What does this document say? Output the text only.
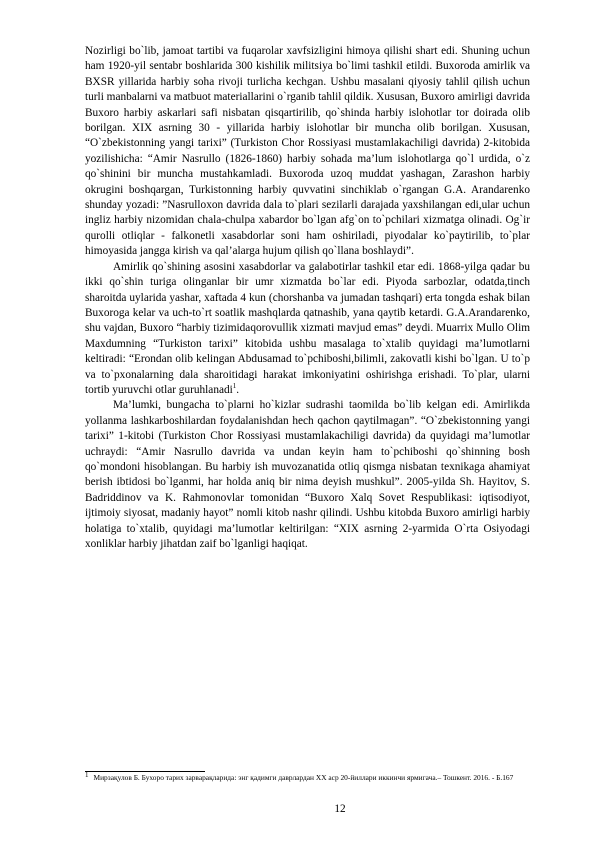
Nozirligi bo`lib, jamoat tartibi va fuqarolar xavfsizligini himoya qilishi shart edi. Shuning uchun ham 1920-yil sentabr boshlarida 300 kishilik militsiya bo`limi tashkil etildi. Buxoroda amirlik va BXSR yillarida harbiy soha rivoji turlicha kechgan. Ushbu masalani qiyosiy tahlil qilish uchun turli manbalarni va matbuot materiallarini o`rganib tahlil qildik. Xususan, Buxoro amirligi davrida Buxoro harbiy askarlari safi nisbatan qisqartirilib, qo`shinda harbiy islohotlar tor doirada olib borilgan. XIX asrning 30 - yillarida harbiy islohotlar bir muncha olib borilgan. Xususan, “O`zbekistonning yangi tarixi” (Turkiston Chor Rossiyasi mustamlakachiligi davrida) 2-kitobida yozilishicha: “Amir Nasrullo (1826-1860) harbiy sohada ma’lum islohotlarga qo`l urdida, o`z qo`shinini bir muncha mustahkamladi. Buxoroda uzoq muddat yashagan, Zarashon harbiy okrugini boshqargan, Turkistonning harbiy quvvatini sinchiklab o`rgangan G.A. Arandarenko shunday yozadi: ”Nasrulloxon davrida dala to`plari sezilarli darajada yaxshilangan edi,ular uchun ingliz harbiy nizomidan chala-chulpa xabardor bo`lgan afg`on to`pchilari xizmatga olinadi. Og`ir qurolli otliqlar - falkonetli xasabdorlar soni ham oshiriladi, piyodalar ko`paytirilib, to`plar himoyasida jangga kirish va qal’alarga hujum qilish qo`llana boshlaydi”.

Amirlik qo`shining asosini xasabdorlar va galabotirlar tashkil etar edi. 1868-yilga qadar bu ikki qo`shin turiga olinganlar bir umr xizmatda bo`lar edi. Piyoda sarbozlar, odatda,tinch sharoitda uylarida yashar, xaftada 4 kun (chorshanba va jumadan tashqari) erta tongda eshak bilan Buxoroga kelar va uch-to`rt soatlik mashqlarda qatnashib, yana qaytib ketardi. G.A.Arandarenko, shu vajdan, Buxoro “harbiy tizimidaqorovullik xizmati mavjud emas” deydi. Muarrix Mullo Olim Maxdumning “Turkiston tarixi” kitobida ushbu masalaga to`xtalib quyidagi ma’lumotlarni keltiradi: “Erondan olib kelingan Abdusamad to`pchiboshi,bilimli, zakovatli kishi bo`lgan. U to`p va to`pxonalarning dala sharoitidagi harakat imkoniyatini oshirishga erishadi. To`plar, ularni tortib yuruvchi otlar guruhlanadi$^1$.

Ma’lumki, bungacha to`plarni ho`kizlar sudrashi taomilda bo`lib kelgan edi. Amirlikda yollanma lashkarboshilardan foydalanishdan hech qachon qaytilmagan”. “O`zbekistonning yangi tarixi” 1-kitobi (Turkiston Chor Rossiyasi mustamlakachiligi davrida) da quyidagi ma’lumotlar uchraydi: “Amir Nasrullo davrida va undan keyin ham to`pchiboshi qo`shinning bosh qo`mondoni hisoblangan. Bu harbiy ish muvozanatida otliq qismga nisbatan texnikaga ahamiyat berish ibtidosi bo`lganmi, har holda aniq bir nima deyish mushkul”. 2005-yilda Sh. Hayitov, S. Badriddinov va K. Rahmonovlar tomonidan “Buxoro Xalq Sovet Respublikasi: iqtisodiyot, ijtimoiy siyosat, madaniy hayot” nomli kitob nashr qilindi. Ushbu kitobda Buxoro amirligi harbiy holatiga to`xtalib, quyidagi ma’lumotlar keltirilgan: “XIX asrning 2-yarmida O`rta Osiyodagi xonliklar harbiy jihatdan zaif bo`lganligi haqiqat.

1 Мирзақулов Б. Бухоро тарих зарварақларида: энг қадимги даврлардан XX аср 20-йиллари иккинчи ярмигача.– Тошкент. 2016. - Б.167
12
